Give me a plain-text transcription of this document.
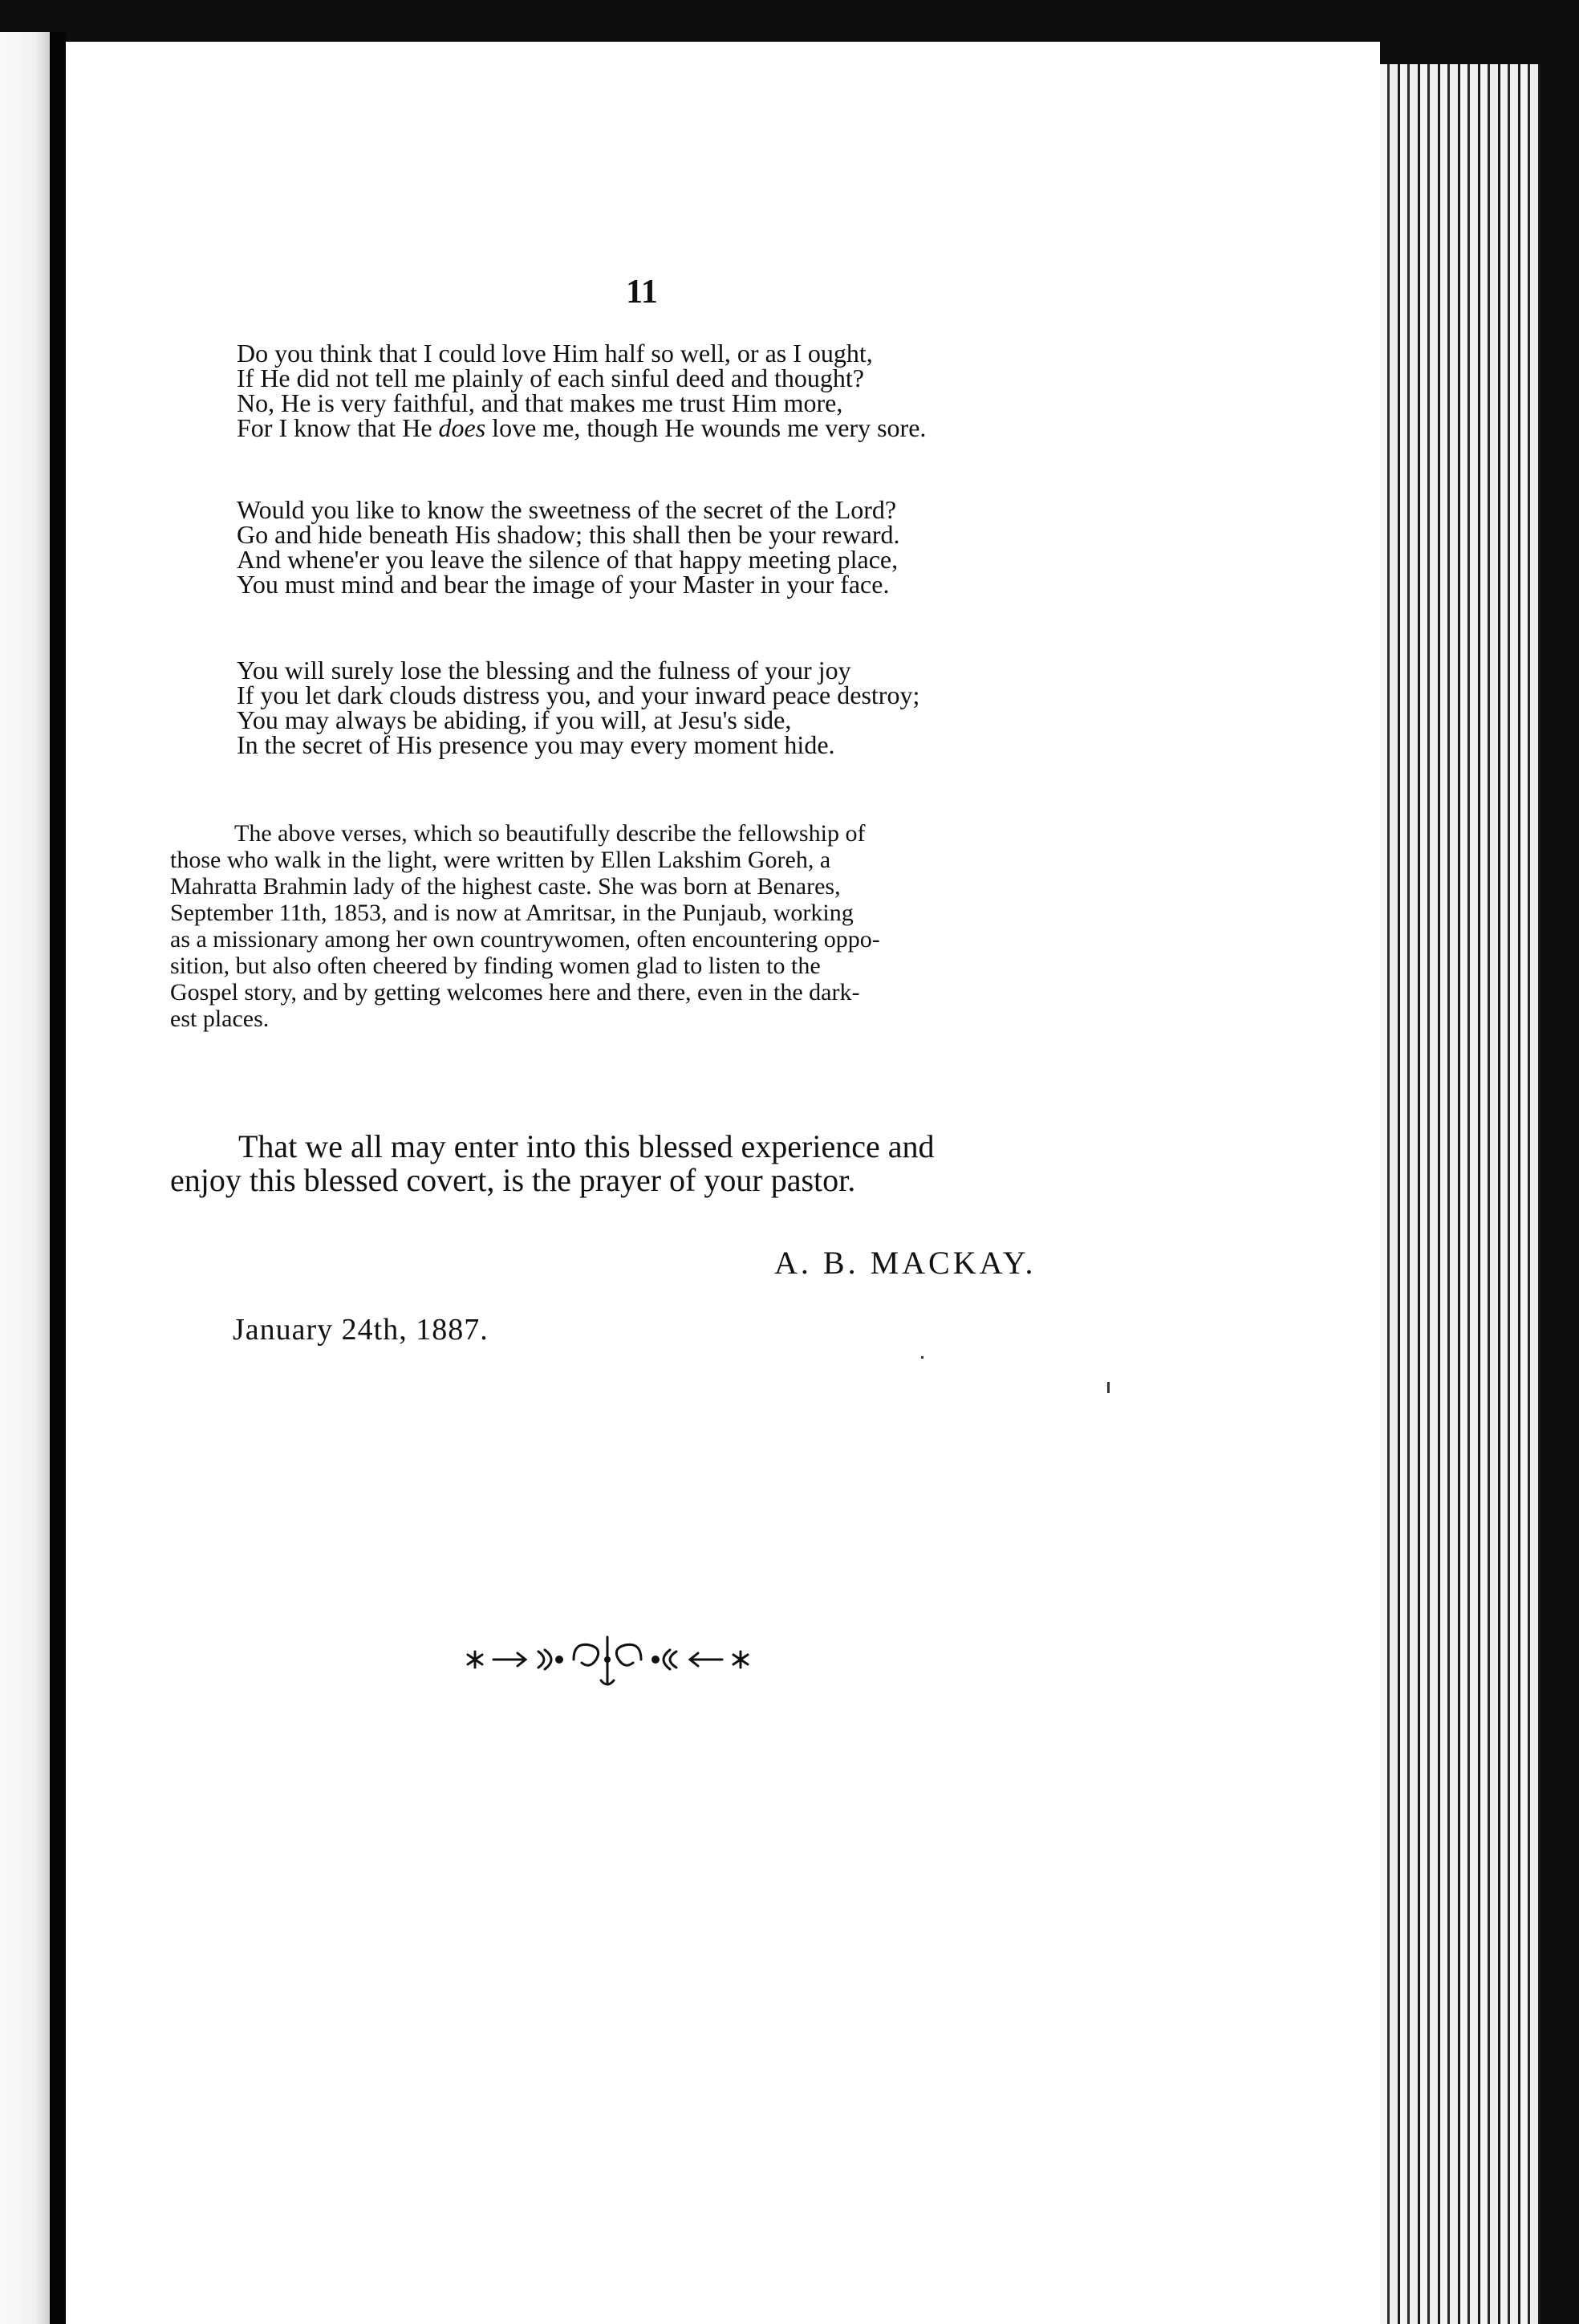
11
Do you think that I could love Him half so well, or as I ought,
If He did not tell me plainly of each sinful deed and thought?
No, He is very faithful, and that makes me trust Him more,
For I know that He does love me, though He wounds me very sore.
Would you like to know the sweetness of the secret of the Lord?
Go and hide beneath His shadow; this shall then be your reward.
And whene'er you leave the silence of that happy meeting place,
You must mind and bear the image of your Master in your face.
You will surely lose the blessing and the fulness of your joy
If you let dark clouds distress you, and your inward peace destroy;
You may always be abiding, if you will, at Jesu's side,
In the secret of His presence you may every moment hide.
The above verses, which so beautifully describe the fellowship of
those who walk in the light, were written by Ellen Lakshim Goreh, a
Mahratta Brahmin lady of the highest caste. She was born at Benares,
September 11th, 1853, and is now at Amritsar, in the Punjaub, working
as a missionary among her own countrywomen, often encountering oppo-
sition, but also often cheered by finding women glad to listen to the
Gospel story, and by getting welcomes here and there, even in the dark-
est places.
That we all may enter into this blessed experience and
enjoy this blessed covert, is the prayer of your pastor.
A. B. MACKAY.
January 24th, 1887.
